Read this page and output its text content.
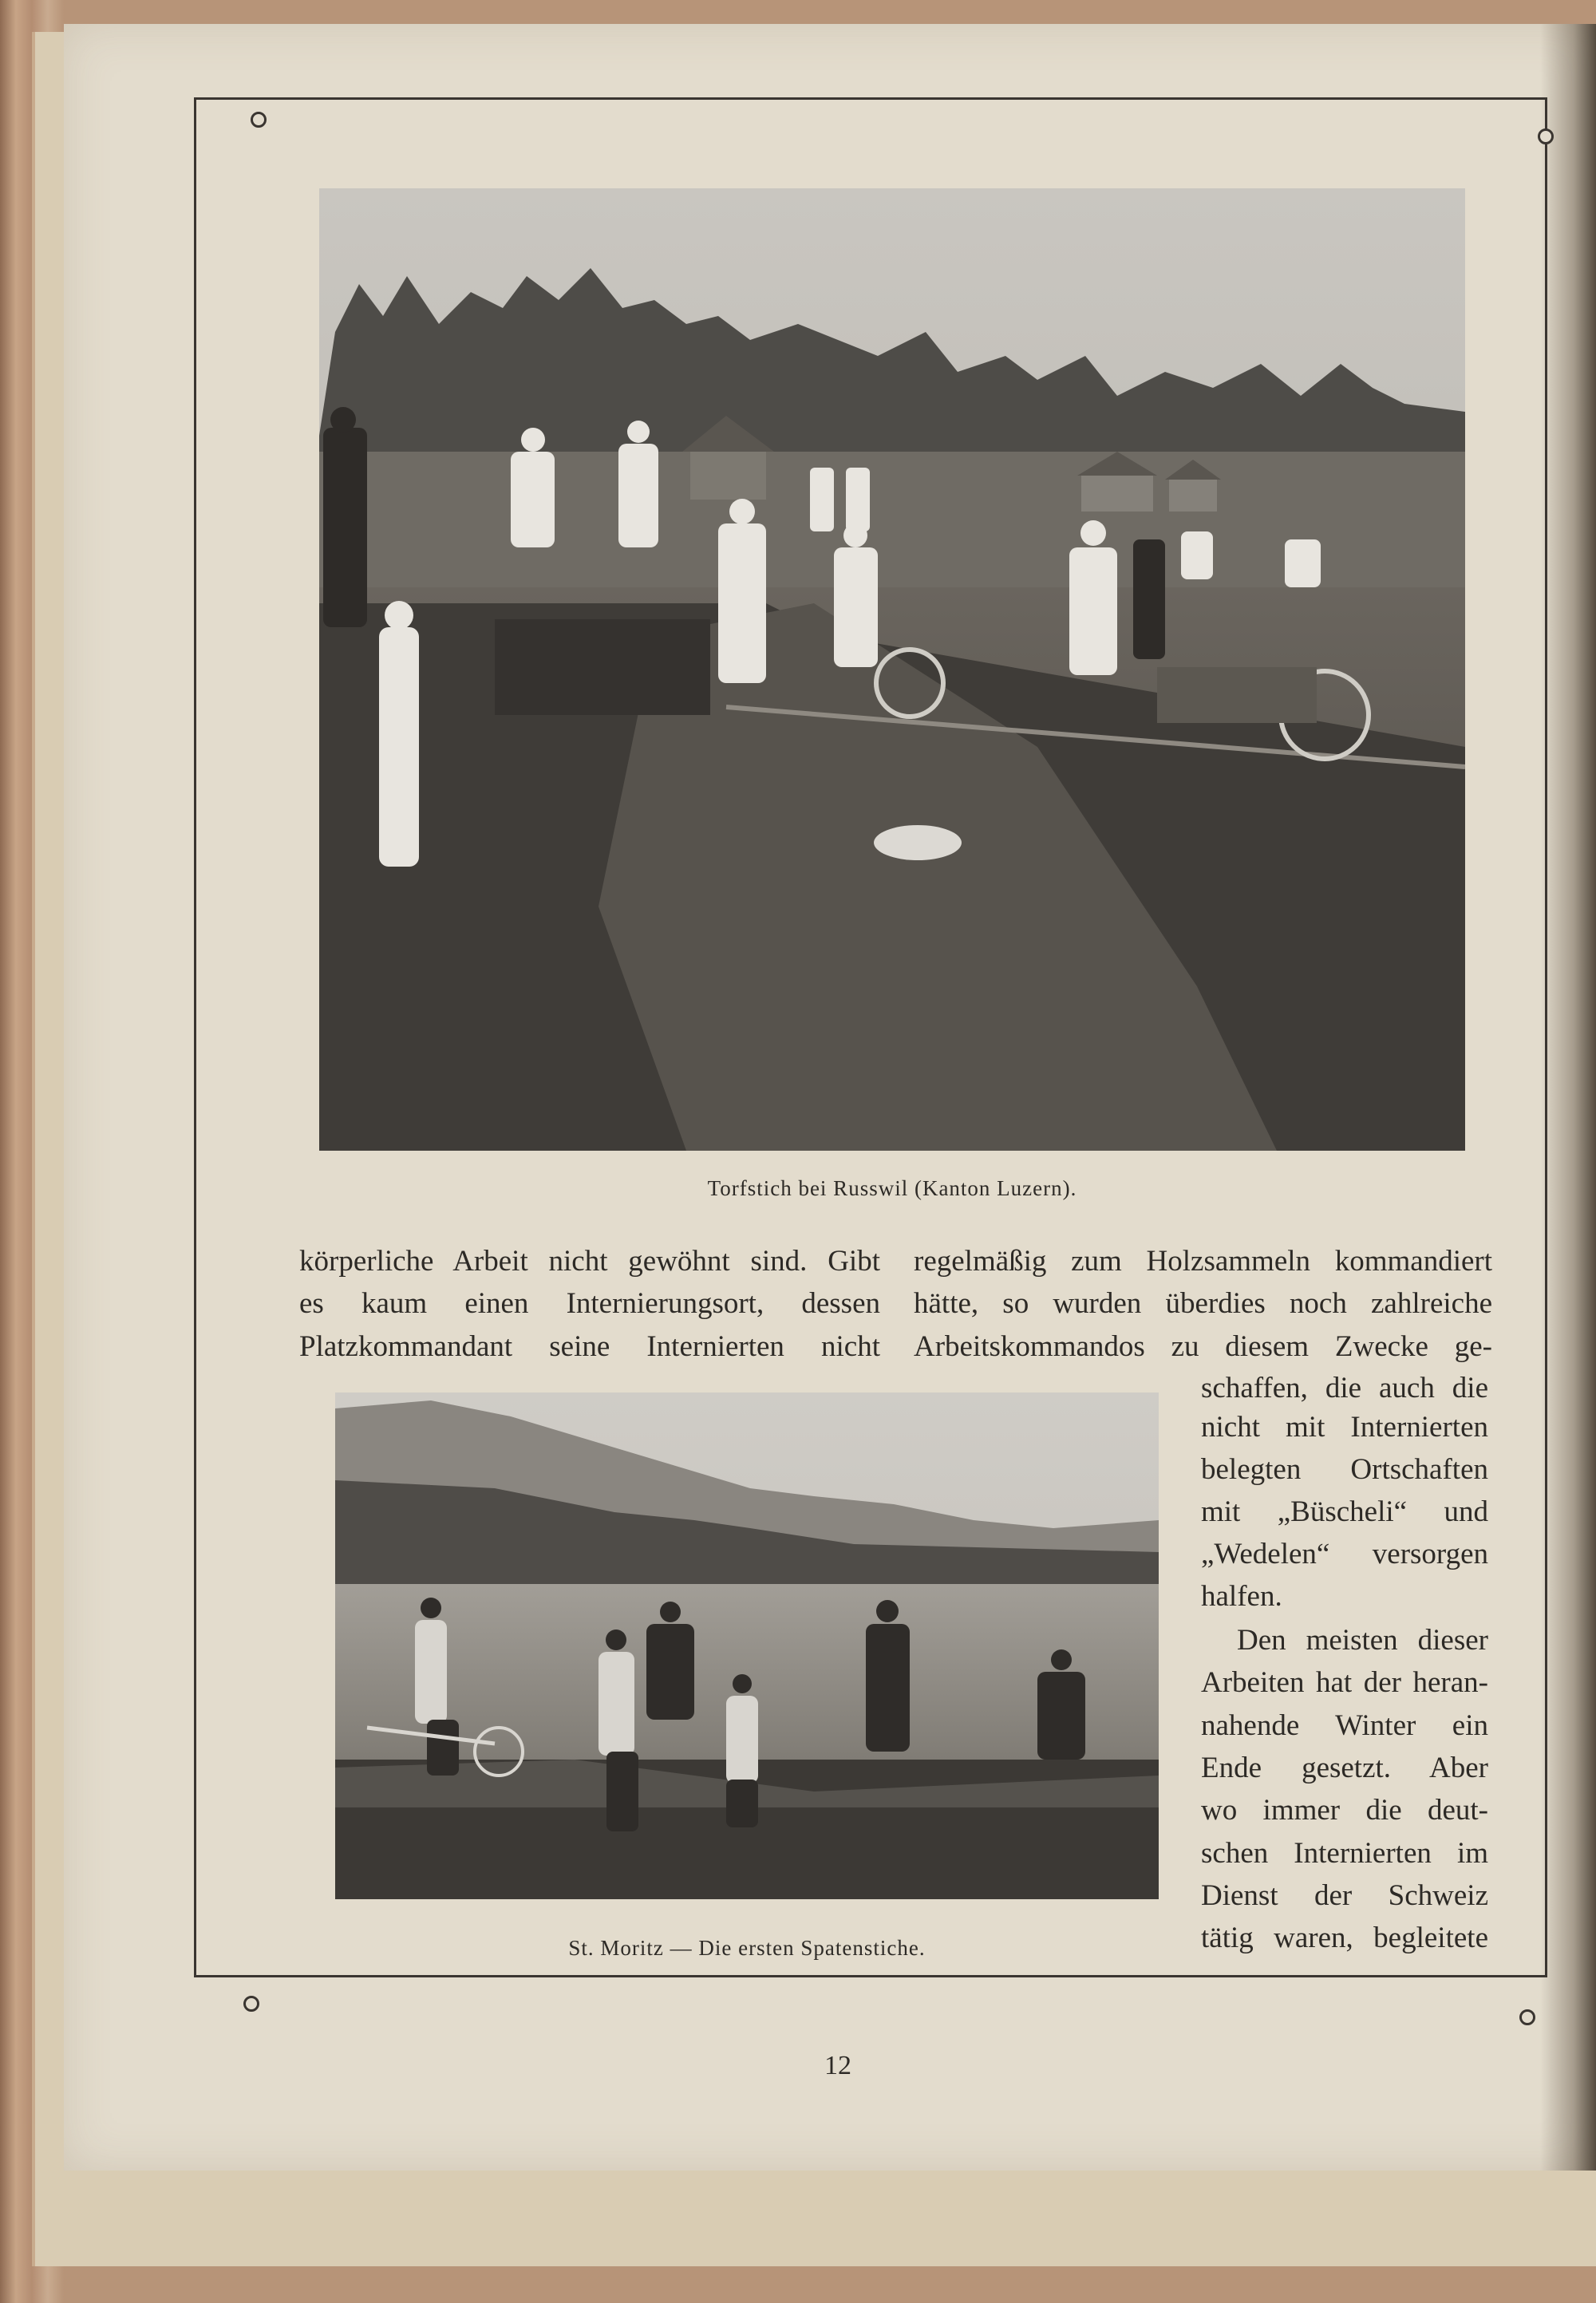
Torfstich bei Russwil (Kanton Luzern).
körperliche Arbeit nicht gewöhnt sind. Gibt
es kaum einen Internierungsort, dessen
Platzkommandant seine Internierten nicht
regelmäßig zum Holzsammeln kommandiert
hätte, so wurden überdies noch zahlreiche
Arbeitskommandos zu diesem Zwecke ge-
schaffen, die auch die
nicht mit Internierten
belegten Ortschaften
mit „Büscheli“ und
„Wedelen“ versorgen
halfen.
Den meisten dieser
Arbeiten hat der heran-
nahende Winter ein
Ende gesetzt. Aber
wo immer die deut-
schen Internierten im
Dienst der Schweiz
tätig waren, begleitete
St. Moritz — Die ersten Spatenstiche.
12
